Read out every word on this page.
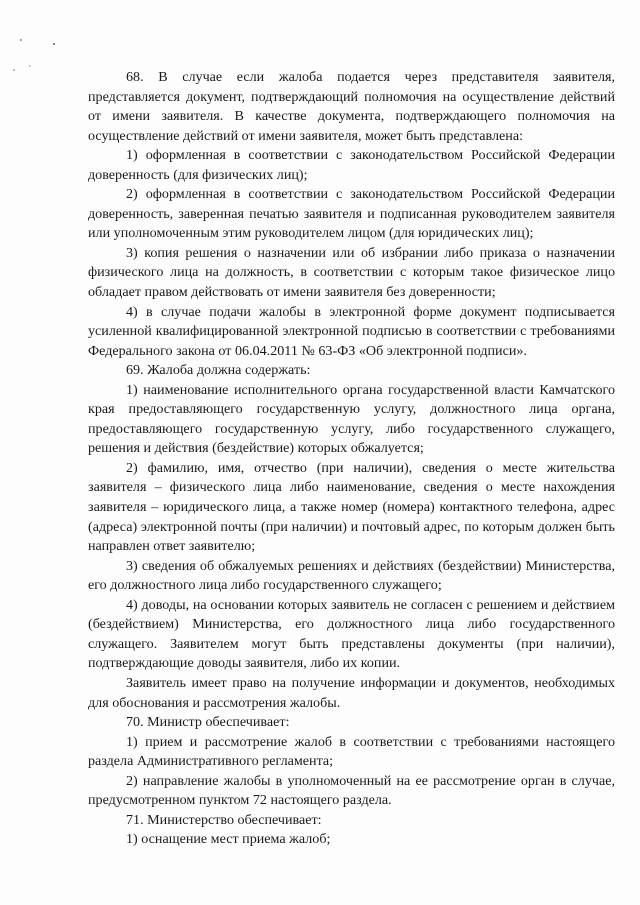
68. В случае если жалоба подается через представителя заявителя, представляется документ, подтверждающий полномочия на осуществление действий от имени заявителя. В качестве документа, подтверждающего полномочия на осуществление действий от имени заявителя, может быть представлена:

1) оформленная в соответствии с законодательством Российской Федерации доверенность (для физических лиц);

2) оформленная в соответствии с законодательством Российской Федерации доверенность, заверенная печатью заявителя и подписанная руководителем заявителя или уполномоченным этим руководителем лицом (для юридических лиц);

3) копия решения о назначении или об избрании либо приказа о назначении физического лица на должность, в соответствии с которым такое физическое лицо обладает правом действовать от имени заявителя без доверенности;

4) в случае подачи жалобы в электронной форме документ подписывается усиленной квалифицированной электронной подписью в соответствии с требованиями Федерального закона от 06.04.2011 № 63-ФЗ «Об электронной подписи».

69. Жалоба должна содержать:

1) наименование исполнительного органа государственной власти Камчатского края предоставляющего государственную услугу, должностного лица органа, предоставляющего государственную услугу, либо государственного служащего, решения и действия (бездействие) которых обжалуется;

2) фамилию, имя, отчество (при наличии), сведения о месте жительства заявителя – физического лица либо наименование, сведения о месте нахождения заявителя – юридического лица, а также номер (номера) контактного телефона, адрес (адреса) электронной почты (при наличии) и почтовый адрес, по которым должен быть направлен ответ заявителю;

3) сведения об обжалуемых решениях и действиях (бездействии) Министерства, его должностного лица либо государственного служащего;

4) доводы, на основании которых заявитель не согласен с решением и действием (бездействием) Министерства, его должностного лица либо государственного служащего. Заявителем могут быть представлены документы (при наличии), подтверждающие доводы заявителя, либо их копии.

Заявитель имеет право на получение информации и документов, необходимых для обоснования и рассмотрения жалобы.

70. Министр обеспечивает:

1) прием и рассмотрение жалоб в соответствии с требованиями настоящего раздела Административного регламента;

2) направление жалобы в уполномоченный на ее рассмотрение орган в случае, предусмотренном пунктом 72 настоящего раздела.

71. Министерство обеспечивает:

1) оснащение мест приема жалоб;
